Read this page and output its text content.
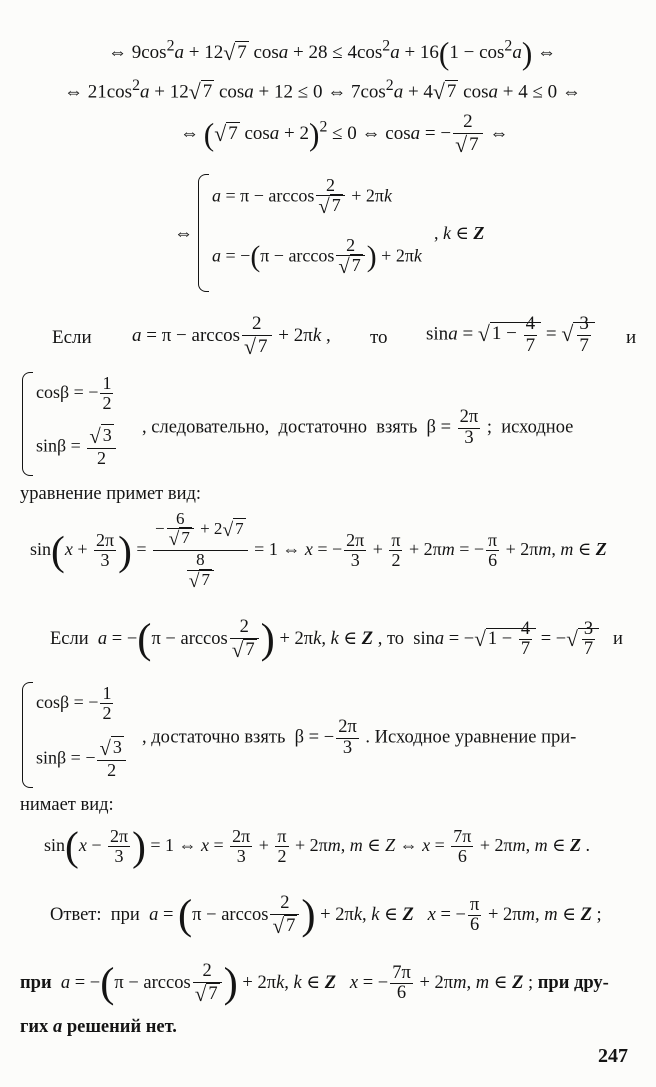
⇔ $9\cos^2a + 12√$ 7 $\cos a + 28 \le 4\cos^2a + 16(1 - \cos^2a)$ ⇔
⇔ $21\cos^2a + 12√$ 7 cosa + 12 ≤ 0 ⇔ $7\cos^2a + 4√$ 7 cosa + 4 ≤ 0 ⇔
⇔ (√ 7 cosa + 2)$^2$ ≤ 0 ⇔ cosa = − $\frac{2}{√ 7}$ ⇔
⇔
$a = \pi - \arccos \frac{2}{√ 7} + 2\pi k$
$a = -(\pi - \arccos \frac{2}{√ 7}$ ) + 2πk
, k ∈ Z
Если $a = \pi - \arccos \frac{2}{√ 7} + 2\pi k$ , то sina = √ $1 - \frac{4}{7}$ = √ $\frac{3}{7}$ и
cosβ = − $\frac{1}{2}$
$\sin\beta = \frac{√ 3}{2}$ , следовательно,  достаточно  взять  $\beta = \frac{2\pi}{3}$ ;  исходное
уравнение примет вид:
$\sin(x + \frac{2\pi}{3}$ ) = $\frac{- \frac{6}{√ 7} + 2√ 7}{\frac{8}{√ 7}} = 1$ ⇔ x = − $\frac{2\pi}{3} + \frac{\pi}{2} + 2\pi m$ = − $\frac{\pi}{6} + 2\pi m$, m ∈ Z
Если  $a = -(\pi - \arccos \frac{2}{√ 7}$ ) + 2πk, k ∈ Z , то  sina = −√ $1 - \frac{4}{7}$ = −√ $\frac{3}{7}$ и
cosβ = − $\frac{1}{2}$
sinβ = − $\frac{√ 3}{2}$
, достаточно взять  β = − $\frac{2\pi}{3}$ . Исходное уравнение при-
нимает вид:
$\sin(x - \frac{2\pi}{3}$ ) = 1 ⇔ $x = \frac{2\pi}{3} + \frac{\pi}{2} + 2\pi m$, m ∈ Z ⇔ $x = \frac{7\pi}{6} + 2\pi m$, m ∈ Z .
Ответ:  при  $a = (\pi - \arccos \frac{2}{√ 7}$ ) + 2πk, k ∈ Z x = − $\frac{\pi}{6} + 2\pi m$, m ∈ Z ;
при $a = -(\pi - \arccos \frac{2}{√ 7}$ ) + 2πk, k ∈ Z x = − $\frac{7\pi}{6} + 2\pi m$, m ∈ Z ; при дру-
гих a решений нет.
247
